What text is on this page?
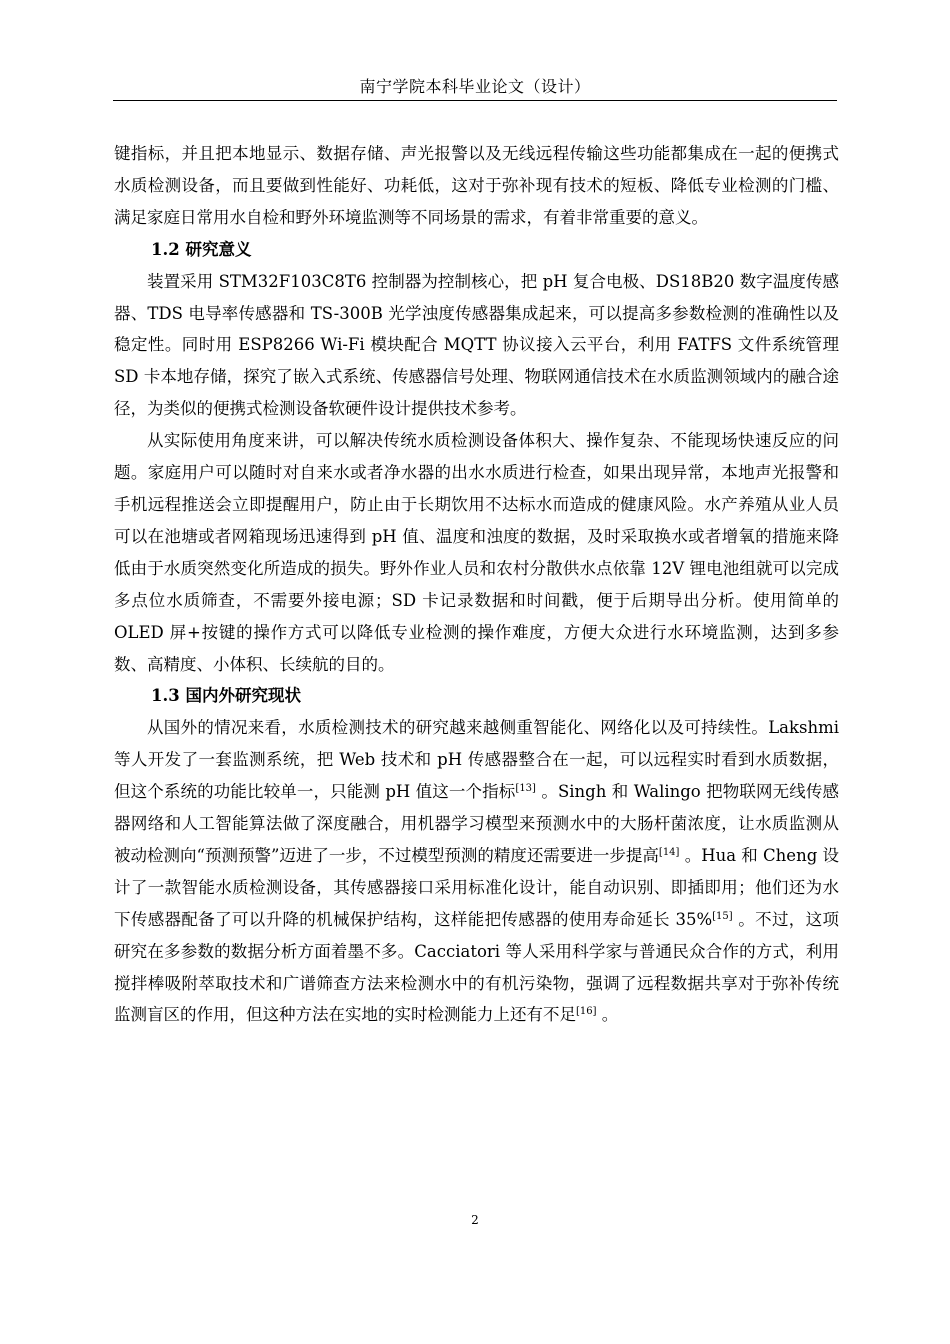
南宁学院本科毕业论文（设计）

键指标，并且把本地显示、数据存储、声光报警以及无线远程传输这些功能都集成在一起的便携式水质检测设备，而且要做到性能好、功耗低，这对于弥补现有技术的短板、降低专业检测的门槛、满足家庭日常用水自检和野外环境监测等不同场景的需求，有着非常重要的意义。

1.2 研究意义

装置采用 STM32F103C8T6 控制器为控制核心，把 pH 复合电极、DS18B20 数字温度传感器、TDS 电导率传感器和 TS-300B 光学浊度传感器集成起来，可以提高多参数检测的准确性以及稳定性。同时用 ESP8266 Wi-Fi 模块配合 MQTT 协议接入云平台，利用 FATFS 文件系统管理 SD 卡本地存储，探究了嵌入式系统、传感器信号处理、物联网通信技术在水质监测领域内的融合途径，为类似的便携式检测设备软硬件设计提供技术参考。

从实际使用角度来讲，可以解决传统水质检测设备体积大、操作复杂、不能现场快速反应的问题。家庭用户可以随时对自来水或者净水器的出水水质进行检查，如果出现异常，本地声光报警和手机远程推送会立即提醒用户，防止由于长期饮用不达标水而造成的健康风险。水产养殖从业人员可以在池塘或者网箱现场迅速得到 pH 值、温度和浊度的数据，及时采取换水或者增氧的措施来降低由于水质突然变化所造成的损失。野外作业人员和农村分散供水点依靠 12V 锂电池组就可以完成多点位水质筛查，不需要外接电源；SD 卡记录数据和时间戳，便于后期导出分析。使用简单的 OLED 屏+按键的操作方式可以降低专业检测的操作难度，方便大众进行水环境监测，达到多参数、高精度、小体积、长续航的目的。

1.3 国内外研究现状

从国外的情况来看，水质检测技术的研究越来越侧重智能化、网络化以及可持续性。Lakshmi 等人开发了一套监测系统，把 Web 技术和 pH 传感器整合在一起，可以远程实时看到水质数据，但这个系统的功能比较单一，只能测 pH 值这一个指标[13] 。Singh 和 Walingo 把物联网无线传感器网络和人工智能算法做了深度融合，用机器学习模型来预测水中的大肠杆菌浓度，让水质监测从被动检测向“预测预警”迈进了一步，不过模型预测的精度还需要进一步提高[14] 。Hua 和 Cheng 设计了一款智能水质检测设备，其传感器接口采用标准化设计，能自动识别、即插即用；他们还为水下传感器配备了可以升降的机械保护结构，这样能把传感器的使用寿命延长 35%[15] 。不过，这项研究在多参数的数据分析方面着墨不多。Cacciatori 等人采用科学家与普通民众合作的方式，利用搅拌棒吸附萃取技术和广谱筛查方法来检测水中的有机污染物，强调了远程数据共享对于弥补传统监测盲区的作用，但这种方法在实地的实时检测能力上还有不足[16] 。

2
